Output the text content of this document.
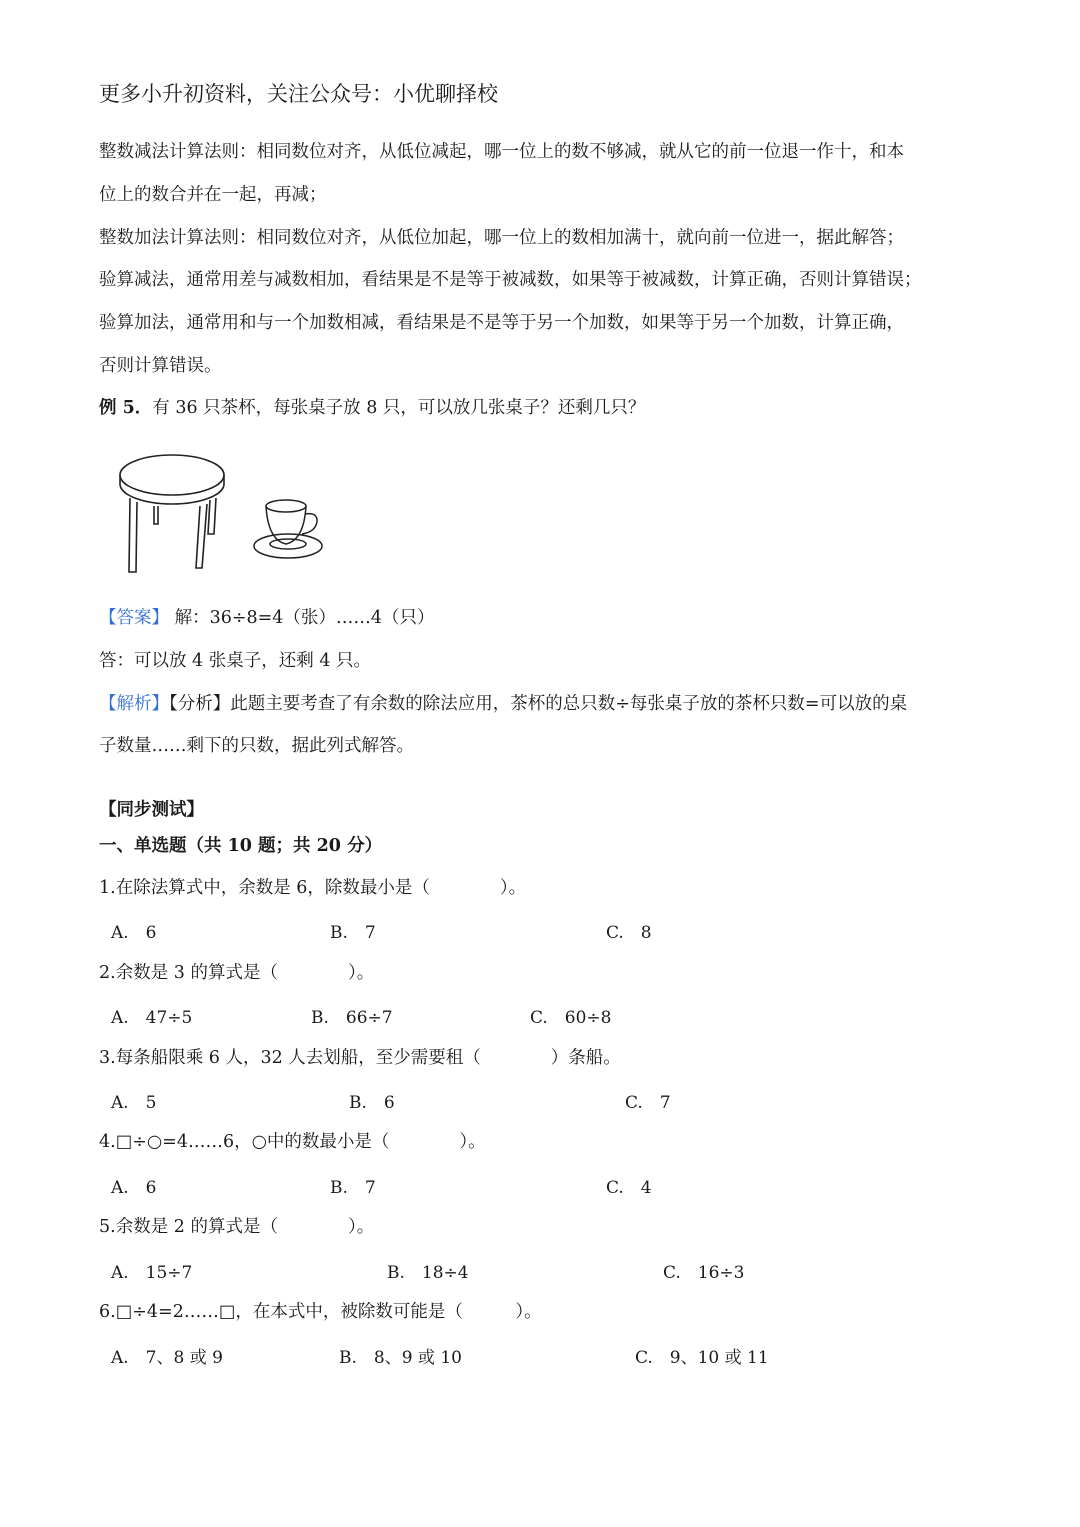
更多小升初资料，关注公众号：小优聊择校
整数减法计算法则：相同数位对齐，从低位减起，哪一位上的数不够减，就从它的前一位退一作十，和本
位上的数合并在一起，再减；
整数加法计算法则：相同数位对齐，从低位加起，哪一位上的数相加满十，就向前一位进一，据此解答；
验算减法，通常用差与减数相加，看结果是不是等于被减数，如果等于被减数，计算正确，否则计算错误；
验算加法，通常用和与一个加数相减，看结果是不是等于另一个加数，如果等于另一个加数，计算正确，
否则计算错误。
例 5．有 36 只茶杯，每张桌子放 8 只，可以放几张桌子？还剩几只？
【答案】 解：36÷8=4（张）……4（只）
答：可以放 4 张桌子，还剩 4 只。
【解析】【分析】此题主要考查了有余数的除法应用，茶杯的总只数÷每张桌子放的茶杯只数=可以放的桌
子数量……剩下的只数，据此列式解答。
【同步测试】
一、单选题（共 10 题；共 20 分）
1.在除法算式中，余数是 6，除数最小是（　　　　）。
A.　6	B.　7	C.　8
2.余数是 3 的算式是（　　　　）。
A.　47÷5	B.　66÷7	C.　60÷8
3.每条船限乘 6 人，32 人去划船，至少需要租（　　　　）条船。
A.　5	B.　6	C.　7
4.□÷○=4……6，○中的数最小是（　　　　）。
A.　6	B.　7	C.　4
5.余数是 2 的算式是（　　　　）。
A.　15÷7	B.　18÷4	C.　16÷3
6.□÷4=2……□，在本式中，被除数可能是（　　　）。
A.　7、8 或 9	B.　8、9 或 10	C.　9、10 或 11
